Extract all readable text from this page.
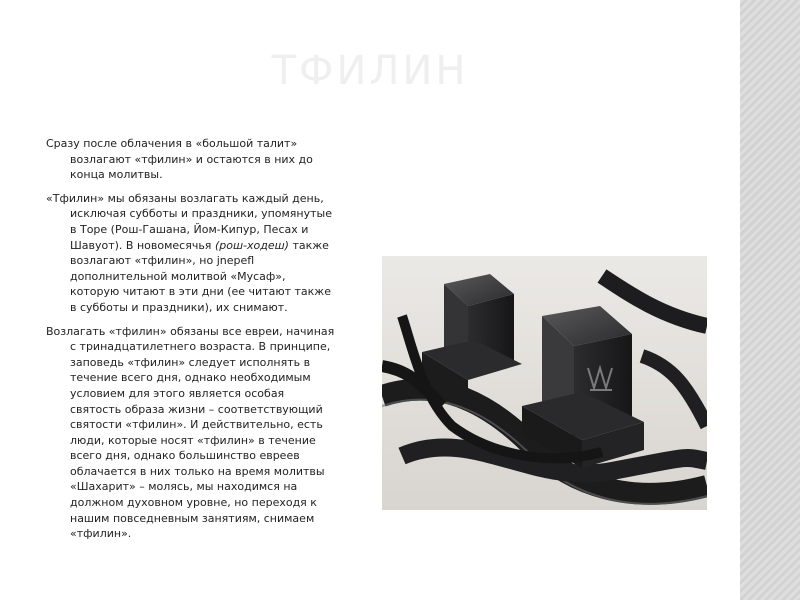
ТФИЛИН

Сразу после облачения в «большой талит» возлагают «тфилин» и остаются в них до конца молитвы.

«Тфилин» мы обязаны возлагать каждый день, исключая субботы и праздники, упомянутые в Торе (Рош-Гашана, Йом-Кипур, Песах и Шавуот). В новомесячья (рош-ходеш) также возлагают «тфилин», но jnepefl дополнительной молитвой «Мусаф», которую читают в эти дни (ее читают также в субботы и праздники), их снимают.

Возлагать «тфилин» обязаны все евреи, начиная с тринадцатилетнего возраста. В принципе, заповедь «тфилин» следует исполнять в течение всего дня, однако необходимым условием для этого является особая святость образа жизни – соответствующий святости «тфилин». И действительно, есть люди, которые носят «тфилин» в течение всего дня, однако большинство евреев облачается в них только на время молитвы «Шахарит» – молясь, мы находимся на должном духовном уровне, но переходя к нашим повседневным занятиям, снимаем «тфилин».
